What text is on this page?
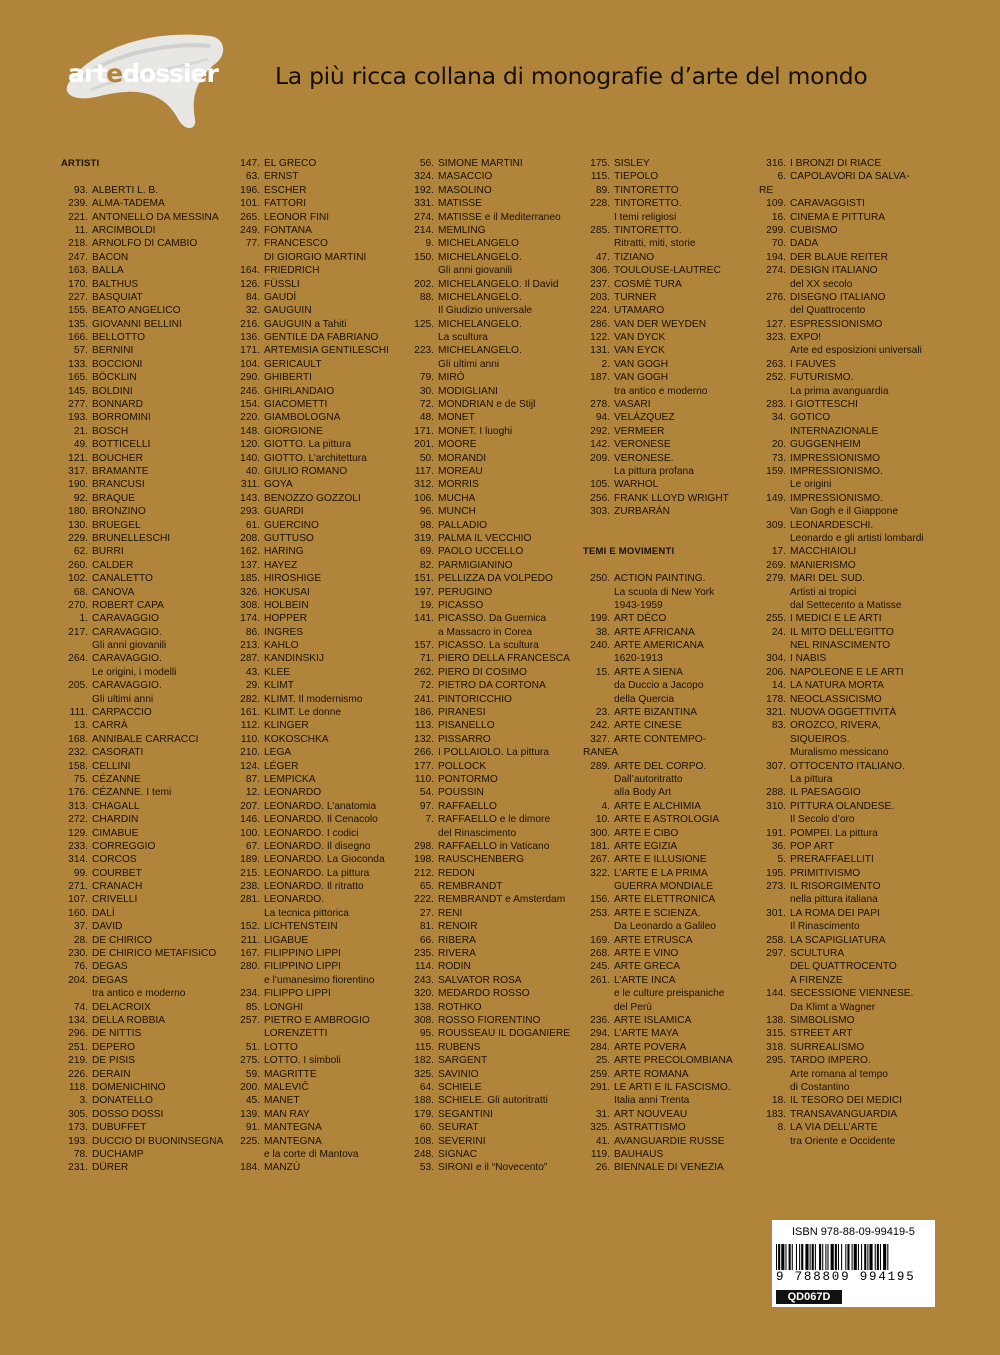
artedossier La più ricca collana di monografie d’arte del mondo
ARTISTI
93. ALBERTI L. B.
239. ALMA-TADEMA
221. ANTONELLO DA MESSINA
11. ARCIMBOLDI
218. ARNOLFO DI CAMBIO
247. BACON
163. BALLA
170. BALTHUS
227. BASQUIAT
155. BEATO ANGELICO
135. GIOVANNI BELLINI
166. BELLOTTO
57. BERNINI
133. BOCCIONI
165. BÖCKLIN
145. BOLDINI
277. BONNARD
193. BORROMINI
21. BOSCH
49. BOTTICELLI
121. BOUCHER
317. BRAMANTE
190. BRANCUSI
92. BRAQUE
180. BRONZINO
130. BRUEGEL
229. BRUNELLESCHI
62. BURRI
260. CALDER
102. CANALETTO
68. CANOVA
270. ROBERT CAPA
1. CARAVAGGIO
217. CARAVAGGIO.
Gli anni giovanili
264. CARAVAGGIO.
Le origini, i modelli
205. CARAVAGGIO.
Gli ultimi anni
111. CARPACCIO
13. CARRÀ
168. ANNIBALE CARRACCI
232. CASORATI
158. CELLINI
75. CÉZANNE
176. CÉZANNE. I temi
313. CHAGALL
272. CHARDIN
129. CIMABUE
233. CORREGGIO
314. CORCOS
99. COURBET
271. CRANACH
107. CRIVELLI
160. DALÍ
37. DAVID
28. DE CHIRICO
230. DE CHIRICO METAFISICO
76. DEGAS
204. DEGAS
tra antico e moderno
74. DELACROIX
134. DELLA ROBBIA
296. DE NITTIS
251. DEPERO
219. DE PISIS
226. DERAIN
118. DOMENICHINO
3. DONATELLO
305. DOSSO DOSSI
173. DUBUFFET
193. DUCCIO DI BUONINSEGNA
78. DUCHAMP
231. DÜRER
147. EL GRECO
63. ERNST
196. ESCHER
101. FATTORI
265. LEONOR FINI
249. FONTANA
77. FRANCESCO
DI GIORGIO MARTINI
164. FRIEDRICH
126. FÜSSLI
84. GAUDÍ
32. GAUGUIN
216. GAUGUIN a Tahiti
136. GENTILE DA FABRIANO
171. ARTEMISIA GENTILESCHI
104. GERICAULT
290. GHIBERTI
246. GHIRLANDAIO
154. GIACOMETTI
220. GIAMBOLOGNA
148. GIORGIONE
120. GIOTTO. La pittura
140. GIOTTO. L’architettura
40. GIULIO ROMANO
311. GOYA
143. BENOZZO GOZZOLI
293. GUARDI
61. GUERCINO
208. GUTTUSO
162. HARING
137. HAYEZ
185. HIROSHIGE
326. HOKUSAI
308. HOLBEIN
174. HOPPER
86. INGRES
213. KAHLO
287. KANDINSKIJ
43. KLEE
29. KLIMT
282. KLIMT. Il modernismo
161. KLIMT. Le donne
112. KLINGER
110. KOKOSCHKA
210. LEGA
124. LÉGER
87. LEMPICKA
12. LEONARDO
207. LEONARDO. L’anatomia
146. LEONARDO. Il Cenacolo
100. LEONARDO. I codici
67. LEONARDO. Il disegno
189. LEONARDO. La Gioconda
215. LEONARDO. La pittura
238. LEONARDO. Il ritratto
281. LEONARDO.
La tecnica pittorica
152. LICHTENSTEIN
211. LIGABUE
167. FILIPPINO LIPPI
280. FILIPPINO LIPPI
e l’umanesimo fiorentino
234. FILIPPO LIPPI
85. LONGHI
257. PIETRO E AMBROGIO
LORENZETTI
51. LOTTO
275. LOTTO. I simboli
59. MAGRITTE
200. MALEVIČ
45. MANET
139. MAN RAY
91. MANTEGNA
225. MANTEGNA
e la corte di Mantova
184. MANZÙ
56. SIMONE MARTINI
324. MASACCIO
192. MASOLINO
331. MATISSE
274. MATISSE e il Mediterraneo
214. MEMLING
9. MICHELANGELO
150. MICHELANGELO.
Gli anni giovanili
202. MICHELANGELO. Il David
88. MICHELANGELO.
Il Giudizio universale
125. MICHELANGELO.
La scultura
223. MICHELANGELO.
Gli ultimi anni
79. MIRÓ
30. MODIGLIANI
72. MONDRIAN e de Stijl
48. MONET
171. MONET. I luoghi
201. MOORE
50. MORANDI
117. MOREAU
312. MORRIS
106. MUCHA
96. MUNCH
98. PALLADIO
319. PALMA IL VECCHIO
69. PAOLO UCCELLO
82. PARMIGIANINO
151. PELLIZZA DA VOLPEDO
197. PERUGINO
19. PICASSO
141. PICASSO. Da Guernica
a Massacro in Corea
157. PICASSO. La scultura
71. PIERO DELLA FRANCESCA
262. PIERO DI COSIMO
72. PIETRO DA CORTONA
241. PINTORICCHIO
186. PIRANESI
113. PISANELLO
132. PISSARRO
266. I POLLAIOLO. La pittura
177. POLLOCK
110. PONTORMO
54. POUSSIN
97. RAFFAELLO
7. RAFFAELLO e le dimore
del Rinascimento
298. RAFFAELLO in Vaticano
198. RAUSCHENBERG
212. REDON
65. REMBRANDT
222. REMBRANDT e Amsterdam
27. RENI
81. RENOIR
66. RIBERA
235. RIVERA
114. RODIN
243. SALVATOR ROSA
320. MEDARDO ROSSO
138. ROTHKO
308. ROSSO FIORENTINO
95. ROUSSEAU IL DOGANIERE
115. RUBENS
182. SARGENT
325. SAVINIO
64. SCHIELE
188. SCHIELE. Gli autoritratti
179. SEGANTINI
60. SEURAT
108. SEVERINI
248. SIGNAC
53. SIRONI e il “Novecento”
175. SISLEY
115. TIEPOLO
89. TINTORETTO
228. TINTORETTO.
I temi religiosi
285. TINTORETTO.
Ritratti, miti, storie
47. TIZIANO
306. TOULOUSE-LAUTREC
237. COSMÈ TURA
203. TURNER
224. UTAMARO
286. VAN DER WEYDEN
122. VAN DYCK
131. VAN EYCK
2. VAN GOGH
187. VAN GOGH
tra antico e moderno
278. VASARI
94. VELÁZQUEZ
292. VERMEER
142. VERONESE
209. VERONESE.
La pittura profana
105. WARHOL
256. FRANK LLOYD WRIGHT
303. ZURBARÁN
TEMI E MOVIMENTI
250. ACTION PAINTING.
La scuola di New York
1943-1959
199. ART DÉCO
38. ARTE AFRICANA
240. ARTE AMERICANA
1620-1913
15. ARTE A SIENA
da Duccio a Jacopo
della Quercia
23. ARTE BIZANTINA
242. ARTE CINESE
327. ARTE CONTEMPO-
RANEA
289. ARTE DEL CORPO.
Dall’autoritratto
alla Body Art
4. ARTE E ALCHIMIA
10. ARTE E ASTROLOGIA
300. ARTE E CIBO
181. ARTE EGIZIA
267. ARTE E ILLUSIONE
322. L’ARTE E LA PRIMA
GUERRA MONDIALE
156. ARTE ELETTRONICA
253. ARTE E SCIENZA.
Da Leonardo a Galileo
169. ARTE ETRUSCA
268. ARTE E VINO
245. ARTE GRECA
261. L’ARTE INCA
e le culture preispaniche
del Perù
236. ARTE ISLAMICA
294. L’ARTE MAYA
284. ARTE POVERA
25. ARTE PRECOLOMBIANA
259. ARTE ROMANA
291. LE ARTI E IL FASCISMO.
Italia anni Trenta
31. ART NOUVEAU
325. ASTRATTISMO
41. AVANGUARDIE RUSSE
119. BAUHAUS
26. BIENNALE DI VENEZIA
316. I BRONZI DI RIACE
6. CAPOLAVORI DA SALVA-
RE
109. CARAVAGGISTI
16. CINEMA E PITTURA
299. CUBISMO
70. DADA
194. DER BLAUE REITER
274. DESIGN ITALIANO
del XX secolo
276. DISEGNO ITALIANO
del Quattrocento
127. ESPRESSIONISMO
323. EXPO!
Arte ed esposizioni universali
263. I FAUVES
252. FUTURISMO.
La prima avanguardia
283. I GIOTTESCHI
34. GOTICO
INTERNAZIONALE
20. GUGGENHEIM
73. IMPRESSIONISMO
159. IMPRESSIONISMO.
Le origini
149. IMPRESSIONISMO.
Van Gogh e il Giappone
309. LEONARDESCHI.
Leonardo e gli artisti lombardi
17. MACCHIAIOLI
269. MANIERISMO
279. MARI DEL SUD.
Artisti ai tropici
dal Settecento a Matisse
255. I MEDICI E LE ARTI
24. IL MITO DELL’EGITTO
NEL RINASCIMENTO
304. I NABIS
206. NAPOLEONE E LE ARTI
14. LA NATURA MORTA
178. NEOCLASSICISMO
321. NUOVA OGGETTIVITÀ
83. OROZCO, RIVERA,
SIQUEIROS.
Muralismo messicano
307. OTTOCENTO ITALIANO.
La pittura
288. IL PAESAGGIO
310. PITTURA OLANDESE.
Il Secolo d’oro
191. POMPEI. La pittura
36. POP ART
5. PRERAFFAELLITI
195. PRIMITIVISMO
273. IL RISORGIMENTO
nella pittura italiana
301. LA ROMA DEI PAPI
Il Rinascimento
258. LA SCAPIGLIATURA
297. SCULTURA
DEL QUATTROCENTO
A FIRENZE
144. SECESSIONE VIENNESE.
Da Klimt a Wagner
138. SIMBOLISMO
315. STREET ART
318. SURREALISMO
295. TARDO IMPERO.
Arte romana al tempo
di Costantino
18. IL TESORO DEI MEDICI
183. TRANSAVANGUARDIA
8. LA VIA DELL’ARTE
tra Oriente e Occidente
ISBN 978-88-09-99419-5
9 788809 994195
QD067D
